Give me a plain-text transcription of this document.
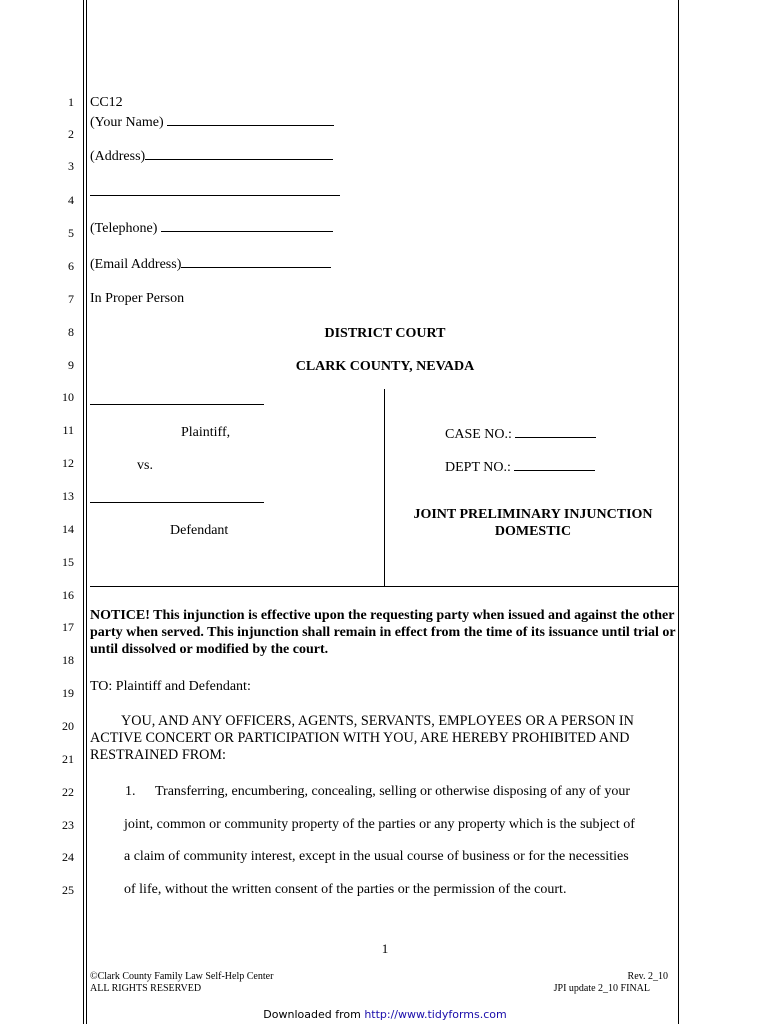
1
2
3
4
5
6
7
8
9
10
11
12
13
14
15
16
17
18
19
20
21
22
23
24
25
CC12
(Your Name)
(Address)
(Telephone)
(Email Address)
In Proper Person
DISTRICT COURT
CLARK COUNTY, NEVADA
Plaintiff,
vs.
Defendant
CASE NO.:
DEPT NO.:
JOINT PRELIMINARY INJUNCTION
DOMESTIC
NOTICE! This injunction is effective upon the requesting party when issued and against the other party when served. This injunction shall remain in effect from the time of its issuance until trial or until dissolved or modified by the court.
TO: Plaintiff and Defendant:
YOU, AND ANY OFFICERS, AGENTS, SERVANTS, EMPLOYEES OR A PERSON IN ACTIVE CONCERT OR PARTICIPATION WITH YOU, ARE HEREBY PROHIBITED AND RESTRAINED FROM:
1. Transferring, encumbering, concealing, selling or otherwise disposing of any of your
joint, common or community property of the parties or any property which is the subject of
a claim of community interest, except in the usual course of business or for the necessities
of life, without the written consent of the parties or the permission of the court.
1
©Clark County Family Law Self-Help Center
ALL RIGHTS RESERVED
Rev. 2_10
JPI update 2_10 FINAL
Downloaded from http://www.tidyforms.com
